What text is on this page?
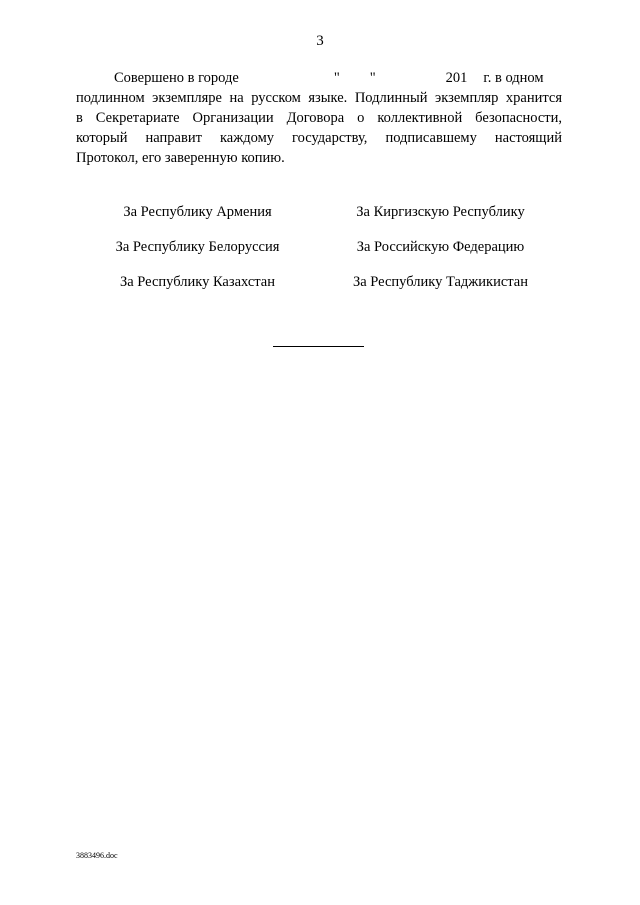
3
Совершено в городе	" "	201 г. в одном
подлинном экземпляре на русском языке. Подлинный экземпляр хранится
в Секретариате Организации Договора о коллективной безопасности,
который направит каждому государству, подписавшему настоящий
Протокол, его заверенную копию.
За Республику Армения	За Киргизскую Республику
За Республику Белоруссия	За Российскую Федерацию
За Республику Казахстан	За Республику Таджикистан
3883496.doc
